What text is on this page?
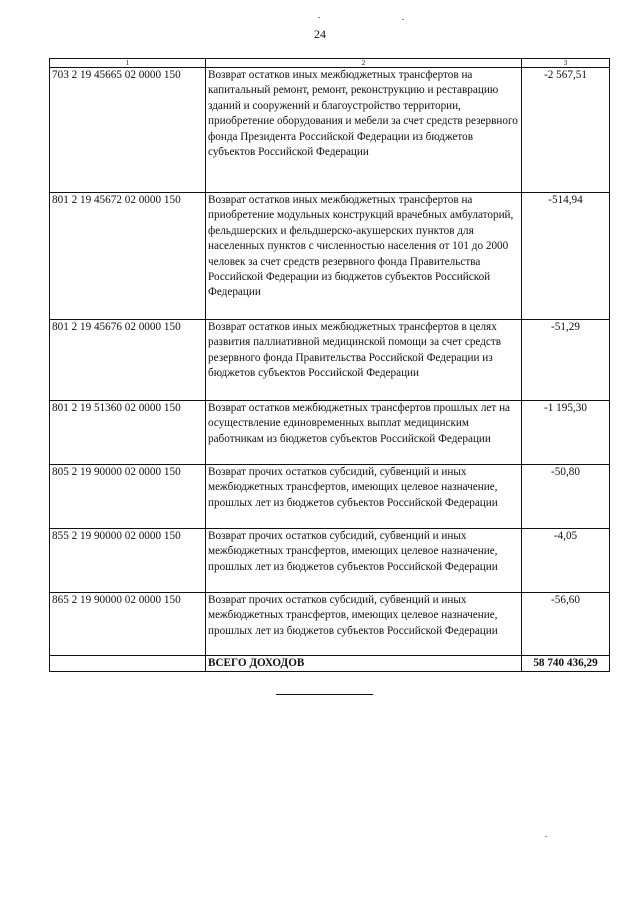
24
1	2	3
703 2 19 45665 02 0000 150	Возврат остатков иных межбюджетных трансфертов на капитальный ремонт, ремонт, реконструкцию и реставрацию зданий и сооружений и благоустройство территории, приобретение оборудования и мебели за счет средств резервного фонда Президента Российской Федерации из бюджетов субъектов Российской Федерации	-2 567,51
801 2 19 45672 02 0000 150	Возврат остатков иных межбюджетных трансфертов на приобретение модульных конструкций врачебных амбулаторий, фельдшерских и фельдшерско-акушерских пунктов для населенных пунктов с численностью населения от 101 до 2000 человек за счет средств резервного фонда Правительства Российской Федерации из бюджетов субъектов Российской Федерации	-514,94
801 2 19 45676 02 0000 150	Возврат остатков иных межбюджетных трансфертов в целях развития паллиативной медицинской помощи за счет средств резервного фонда Правительства Российской Федерации из бюджетов субъектов Российской Федерации	-51,29
801 2 19 51360 02 0000 150	Возврат остатков межбюджетных трансфертов прошлых лет на осуществление единовременных выплат медицинским работникам из бюджетов субъектов Российской Федерации	-1 195,30
805 2 19 90000 02 0000 150	Возврат прочих остатков субсидий, субвенций и иных межбюджетных трансфертов, имеющих целевое назначение, прошлых лет из бюджетов субъектов Российской Федерации	-50,80
855 2 19 90000 02 0000 150	Возврат прочих остатков субсидий, субвенций и иных межбюджетных трансфертов, имеющих целевое назначение, прошлых лет из бюджетов субъектов Российской Федерации	-4,05
865 2 19 90000 02 0000 150	Возврат прочих остатков субсидий, субвенций и иных межбюджетных трансфертов, имеющих целевое назначение, прошлых лет из бюджетов субъектов Российской Федерации	-56,60
	ВСЕГО ДОХОДОВ	58 740 436,29
